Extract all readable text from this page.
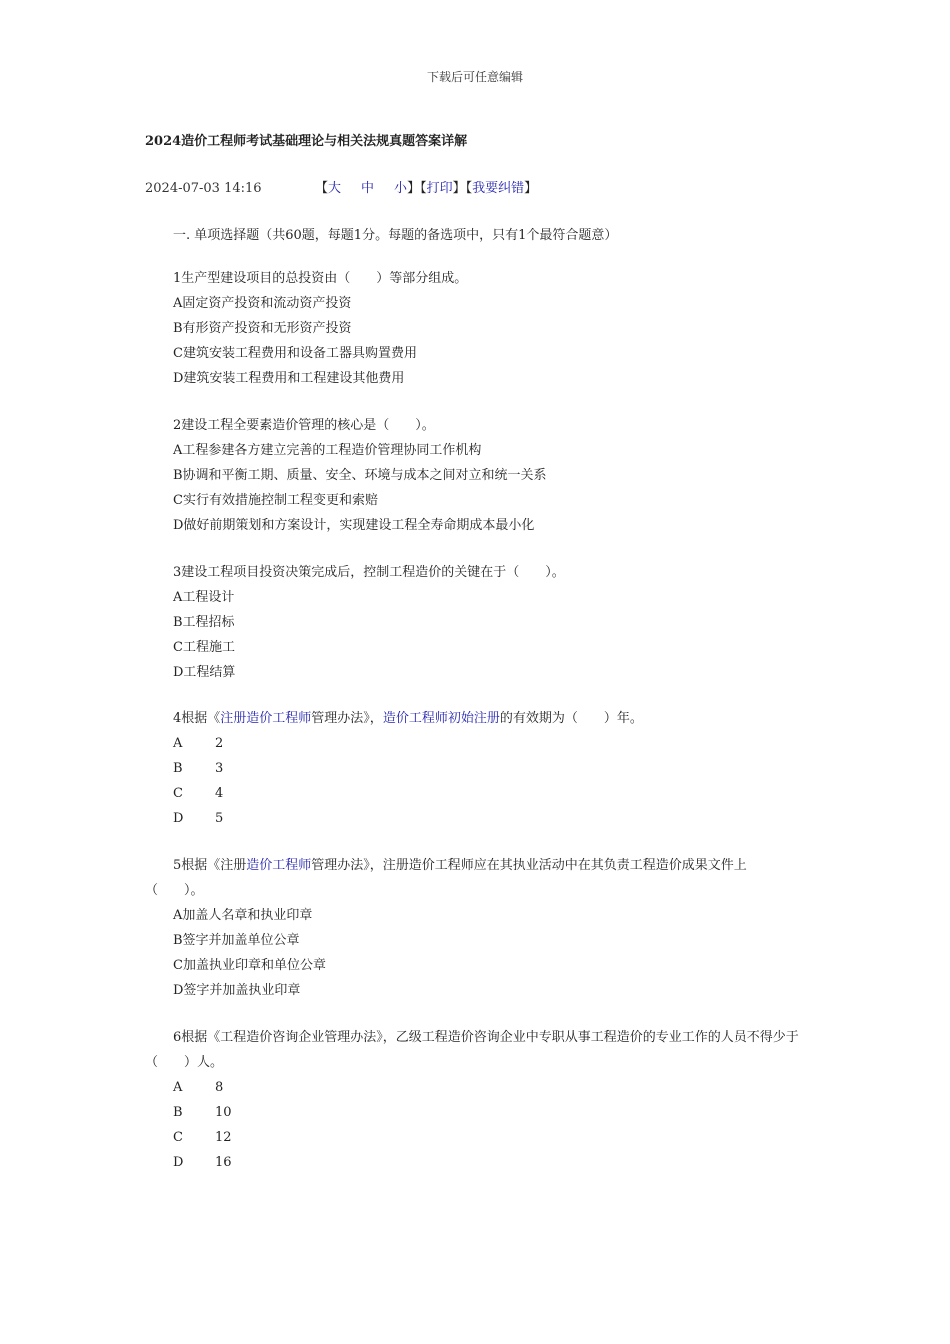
下载后可任意编辑
2024造价工程师考试基础理论与相关法规真题答案详解
2024-07-03 14:16	【大 中 小】【打印】【我要纠错】
一. 单项选择题（共60题，每题1分。每题的备选项中，只有1个最符合题意）
1生产型建设项目的总投资由（　　）等部分组成。
A固定资产投资和流动资产投资
B有形资产投资和无形资产投资
C建筑安装工程费用和设备工器具购置费用
D建筑安装工程费用和工程建设其他费用
2建设工程全要素造价管理的核心是（　　）。
A工程参建各方建立完善的工程造价管理协同工作机构
B协调和平衡工期、质量、安全、环境与成本之间对立和统一关系
C实行有效措施控制工程变更和索赔
D做好前期策划和方案设计，实现建设工程全寿命期成本最小化
3建设工程项目投资决策完成后，控制工程造价的关键在于（　　）。
A工程设计
B工程招标
C工程施工
D工程结算
4根据《注册造价工程师管理办法》，造价工程师初始注册的有效期为（　　）年。
A	2
B 3
C 4
D 5
5根据《注册造价工程师管理办法》，注册造价工程师应在其执业活动中在其负责工程造价成果文件上（　　）。
A加盖人名章和执业印章
B签字并加盖单位公章
C加盖执业印章和单位公章
D签字并加盖执业印章
6根据《工程造价咨询企业管理办法》，乙级工程造价咨询企业中专职从事工程造价的专业工作的人员不得少于（　　）人。
A	8
B 10
C 12
D 16
